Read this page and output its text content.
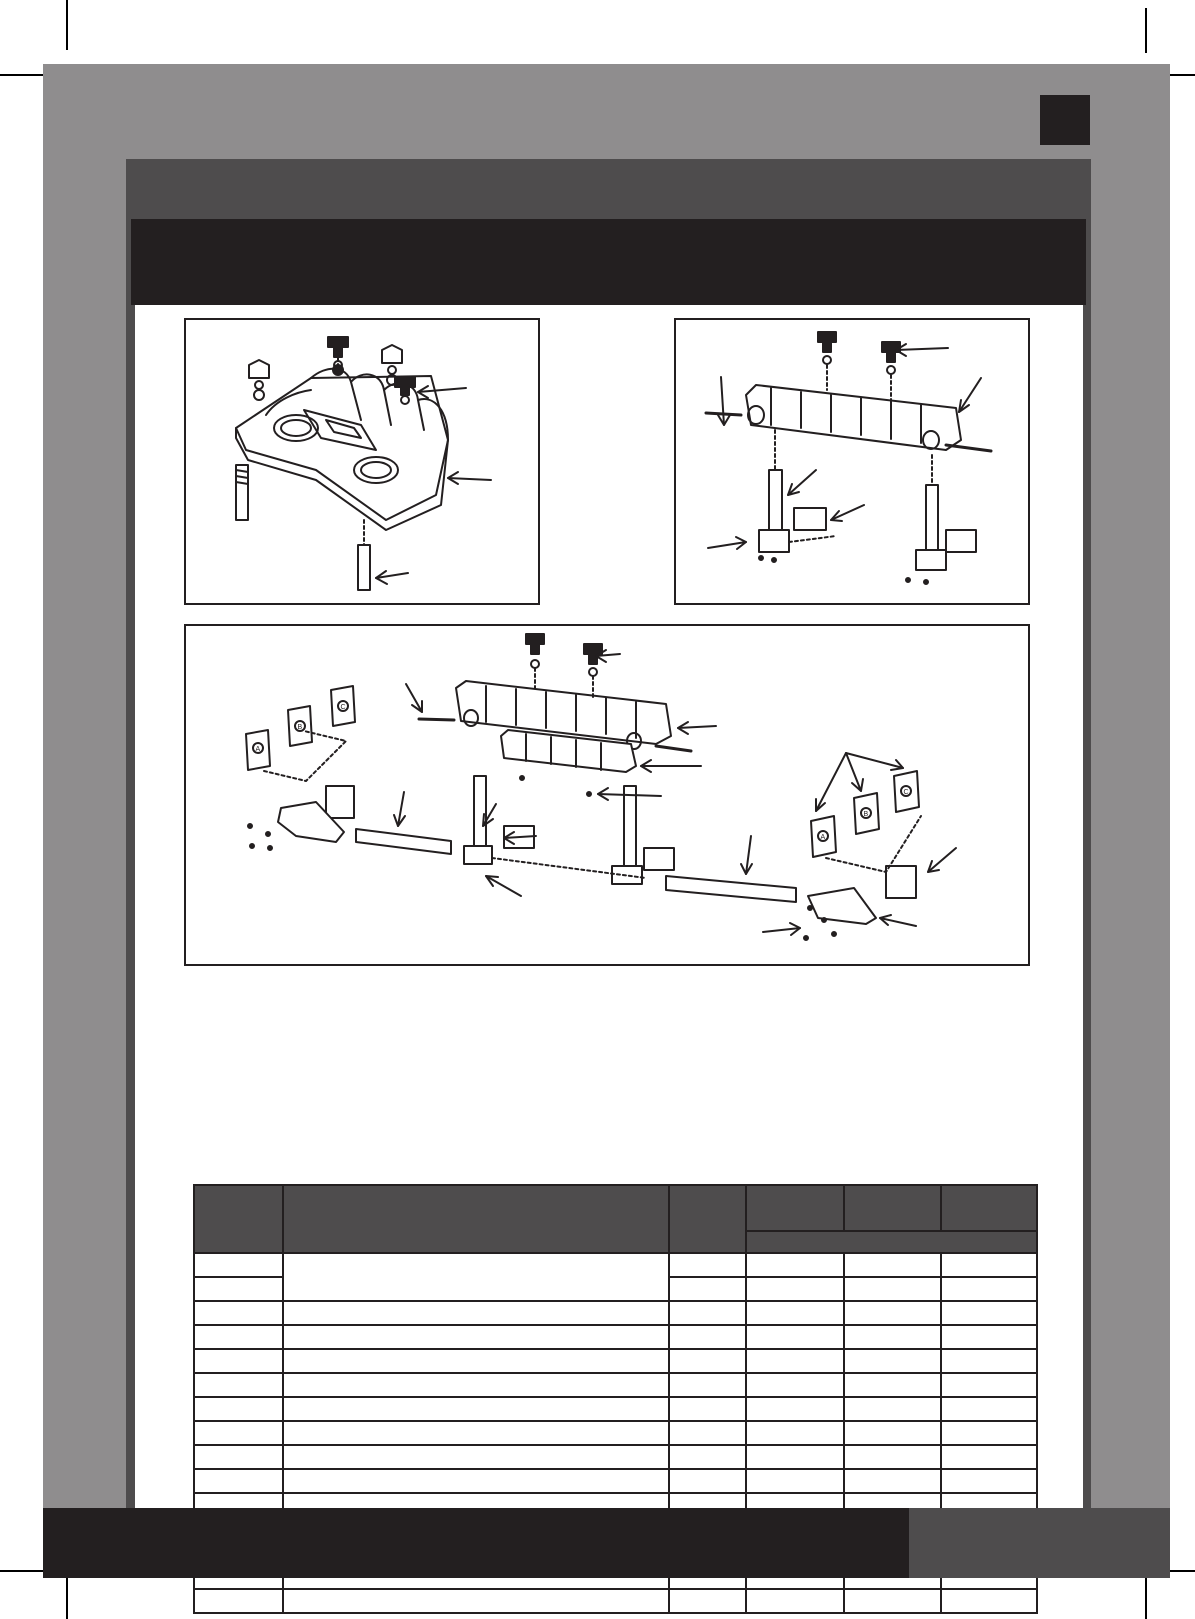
A
B
C
A
B
C
